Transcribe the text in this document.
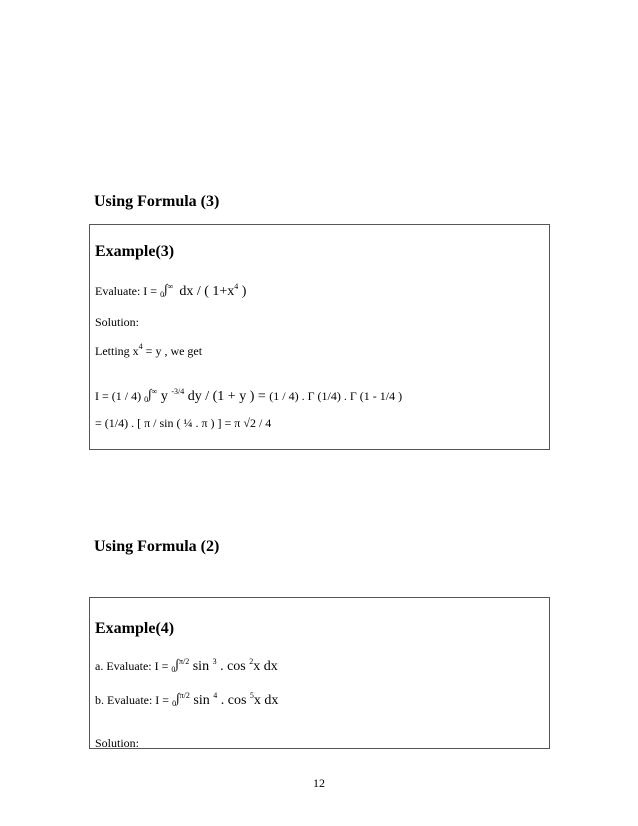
Using Formula (3)
Example(3)
Evaluate: I = $_0$∫∞ dx / ( $1+x^4$ )
Solution:
Letting $x^4 = y$ , we get
I = (1 / 4) $_0$∫∞ y $^{-3/4}$ dy / (1 + y ) = (1 / 4) . Γ (1/4) . Γ (1 - 1/4 )
= (1/4) . [ π / sin ( ¼ . π ) ] = π √2 / 4
Using Formula (2)
Example(4)
a. Evaluate: I = $_0$∫$^{\pi/2}$ sin $^3$ . cos $^2$x dx
b. Evaluate: I = $_0$∫$^{\pi/2}$ sin $^4$ . cos $^5$x dx
Solution:
12
